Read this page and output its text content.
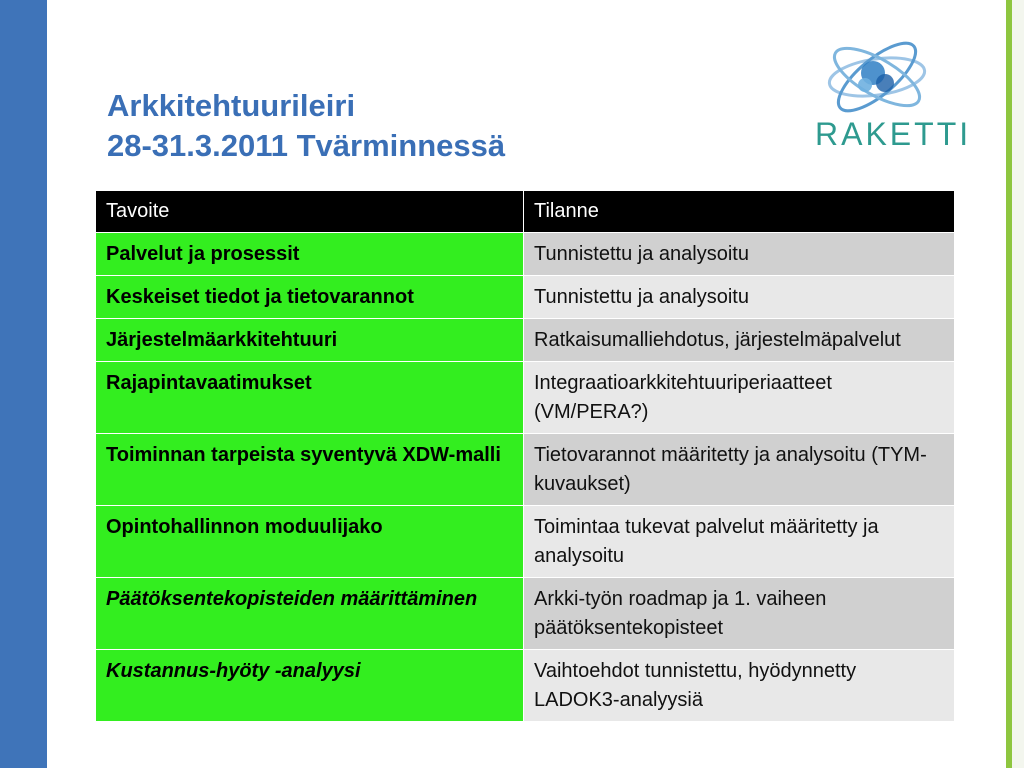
Arkkitehtuurileiri
28-31.3.2011 Tvärminnessä	RAKETTI
Tavoite	Tilanne
Palvelut ja prosessit	Tunnistettu ja analysoitu
Keskeiset tiedot ja tietovarannot	Tunnistettu ja analysoitu
Järjestelmäarkkitehtuuri	Ratkaisumalliehdotus, järjestelmäpalvelut
Rajapintavaatimukset	Integraatioarkkitehtuuriperiaatteet (VM/PERA?)
Toiminnan tarpeista syventyvä XDW-malli	Tietovarannot määritetty ja analysoitu (TYM-kuvaukset)
Opintohallinnon moduulijako	Toimintaa tukevat palvelut määritetty ja analysoitu
Päätöksentekopisteiden määrittäminen	Arkki-työn roadmap ja 1. vaiheen päätöksentekopisteet
Kustannus-hyöty -analyysi	Vaihtoehdot tunnistettu, hyödynnetty LADOK3-analyysiä
